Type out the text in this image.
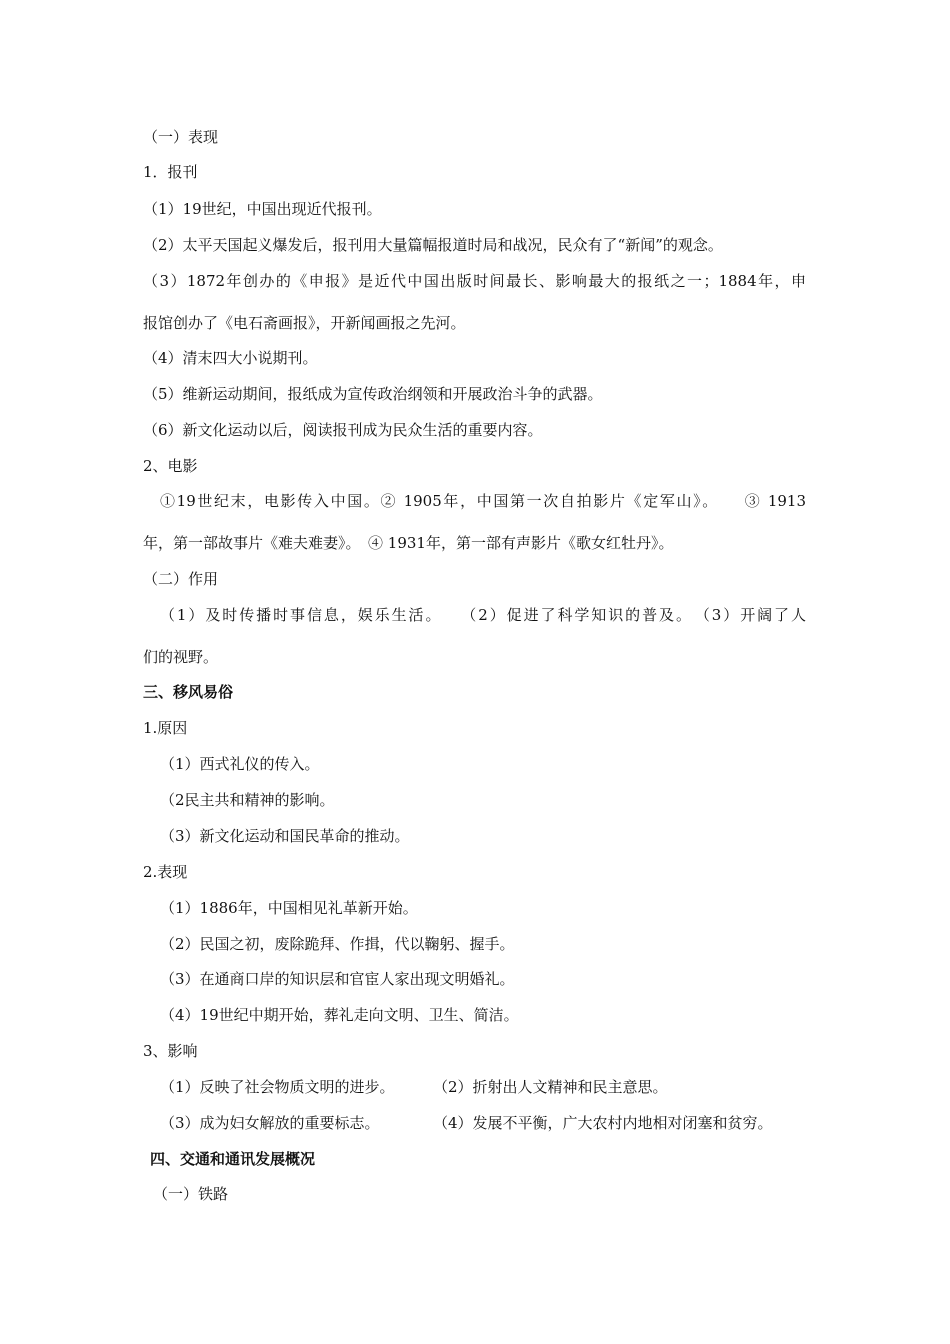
（一）表现
1．报刊
（1）19世纪，中国出现近代报刊。
（2）太平天国起义爆发后，报刊用大量篇幅报道时局和战况，民众有了“新闻”的观念。
（3）1872年创办的《申报》是近代中国出版时间最长、影响最大的报纸之一；1884年，申
报馆创办了《电石斋画报》，开新闻画报之先河。
（4）清末四大小说期刊。
（5）维新运动期间，报纸成为宣传政治纲领和开展政治斗争的武器。
（6）新文化运动以后，阅读报刊成为民众生活的重要内容。
2、电影
①19世纪末，电影传入中国。② 1905年，中国第一次自拍影片《定军山》。　　③ 1913
年，第一部故事片《难夫难妻》。　④ 1931年，第一部有声影片《歌女红牡丹》。
（二）作用
（1）及时传播时事信息，娱乐生活。　　（2）促进了科学知识的普及。　（3）开阔了人
们的视野。
三、移风易俗
1.原因
（1）西式礼仪的传入。
（2民主共和精神的影响。
（3）新文化运动和国民革命的推动。
2.表现
（1）1886年，中国相见礼革新开始。
（2）民国之初，废除跪拜、作揖，代以鞠躬、握手。
（3）在通商口岸的知识层和官宦人家出现文明婚礼。
（4）19世纪中期开始，葬礼走向文明、卫生、简洁。
3、影响
（1）反映了社会物质文明的进步。	（2）折射出人文精神和民主意思。
（3）成为妇女解放的重要标志。	（4）发展不平衡，广大农村内地相对闭塞和贫穷。
四、交通和通讯发展概况
（一）铁路
